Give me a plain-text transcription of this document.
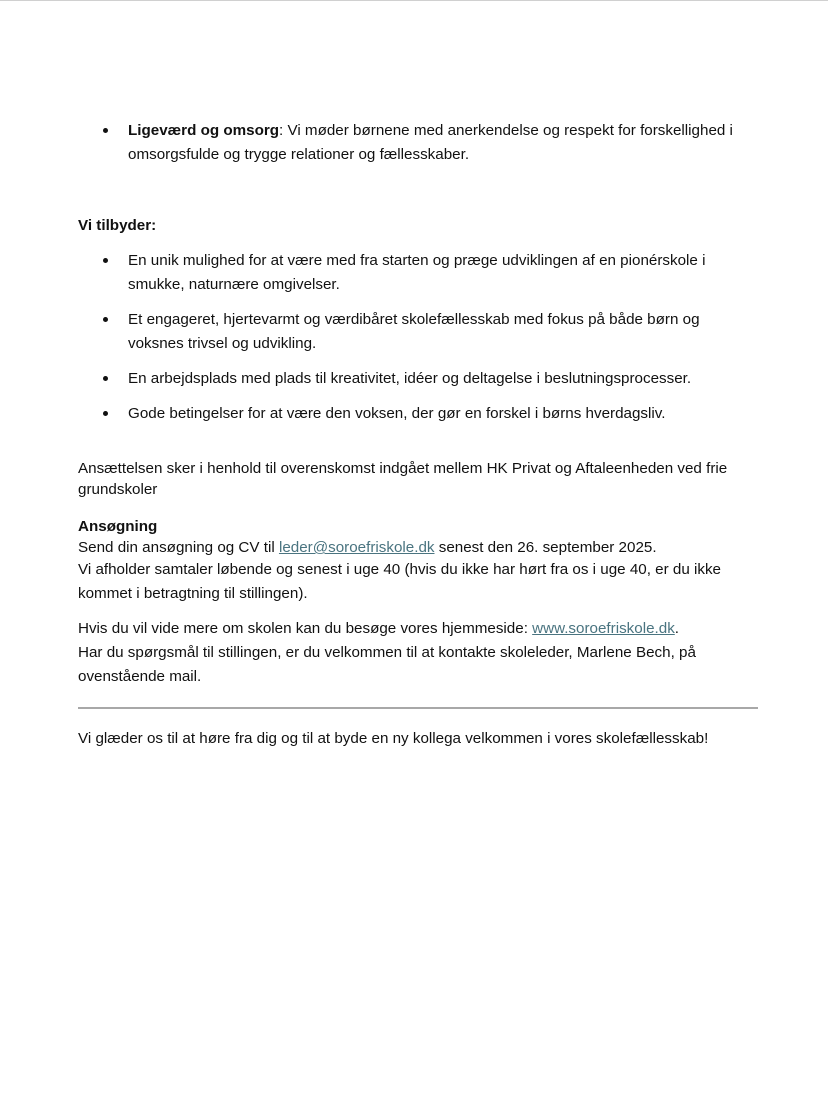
Ligeværd og omsorg: Vi møder børnene med anerkendelse og respekt for forskellighed i omsorgsfulde og trygge relationer og fællesskaber.

Vi tilbyder:

En unik mulighed for at være med fra starten og præge udviklingen af en pionérskole i smukke, naturnære omgivelser.
Et engageret, hjertevarmt og værdibåret skolefællesskab med fokus på både børn og voksnes trivsel og udvikling.
En arbejdsplads med plads til kreativitet, idéer og deltagelse i beslutningsprocesser.
Gode betingelser for at være den voksen, der gør en forskel i børns hverdagsliv.

Ansættelsen sker i henhold til overenskomst indgået mellem HK Privat og Aftaleenheden ved frie grundskoler

Ansøgning

Send din ansøgning og CV til leder@soroefriskole.dk senest den 26. september 2025.

Vi afholder samtaler løbende og senest i uge 40 (hvis du ikke har hørt fra os i uge 40, er du ikke kommet i betragtning til stillingen).

Hvis du vil vide mere om skolen kan du besøge vores hjemmeside: www.soroefriskole.dk.

Har du spørgsmål til stillingen, er du velkommen til at kontakte skoleleder, Marlene Bech, på ovenstående mail.

Vi glæder os til at høre fra dig og til at byde en ny kollega velkommen i vores skolefællesskab!
